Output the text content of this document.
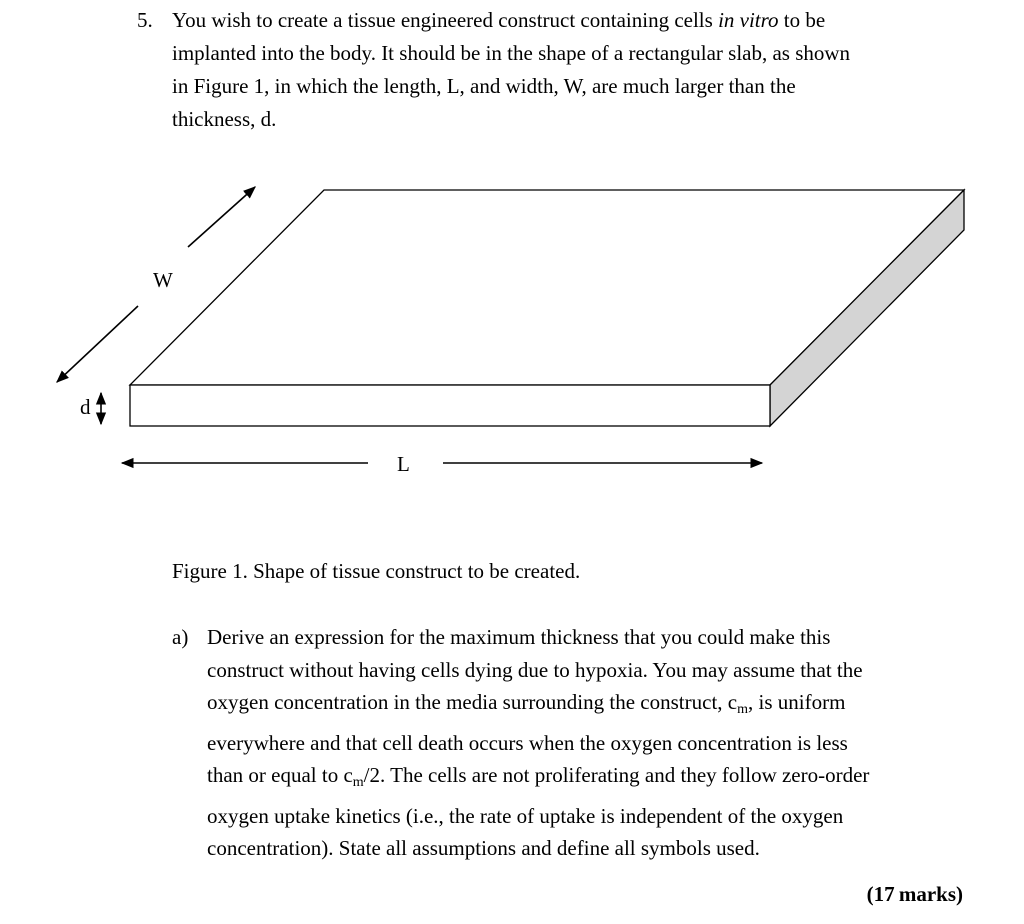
5. You wish to create a tissue engineered construct containing cells in vitro to be

implanted into the body. It should be in the shape of a rectangular slab, as shown

in Figure 1, in which the length, L, and width, W, are much larger than the

thickness, d.

W
d
L
Figure 1. Shape of tissue construct to be created.
a) Derive an expression for the maximum thickness that you could make this

construct without having cells dying due to hypoxia. You may assume that the

oxygen concentration in the media surrounding the construct, $c_m$, is uniform

everywhere and that cell death occurs when the oxygen concentration is less

than or equal to $c_m/2$. The cells are not proliferating and they follow zero-order

oxygen uptake kinetics (i.e., the rate of uptake is independent of the oxygen

concentration). State all assumptions and define all symbols used.

(17 marks)
